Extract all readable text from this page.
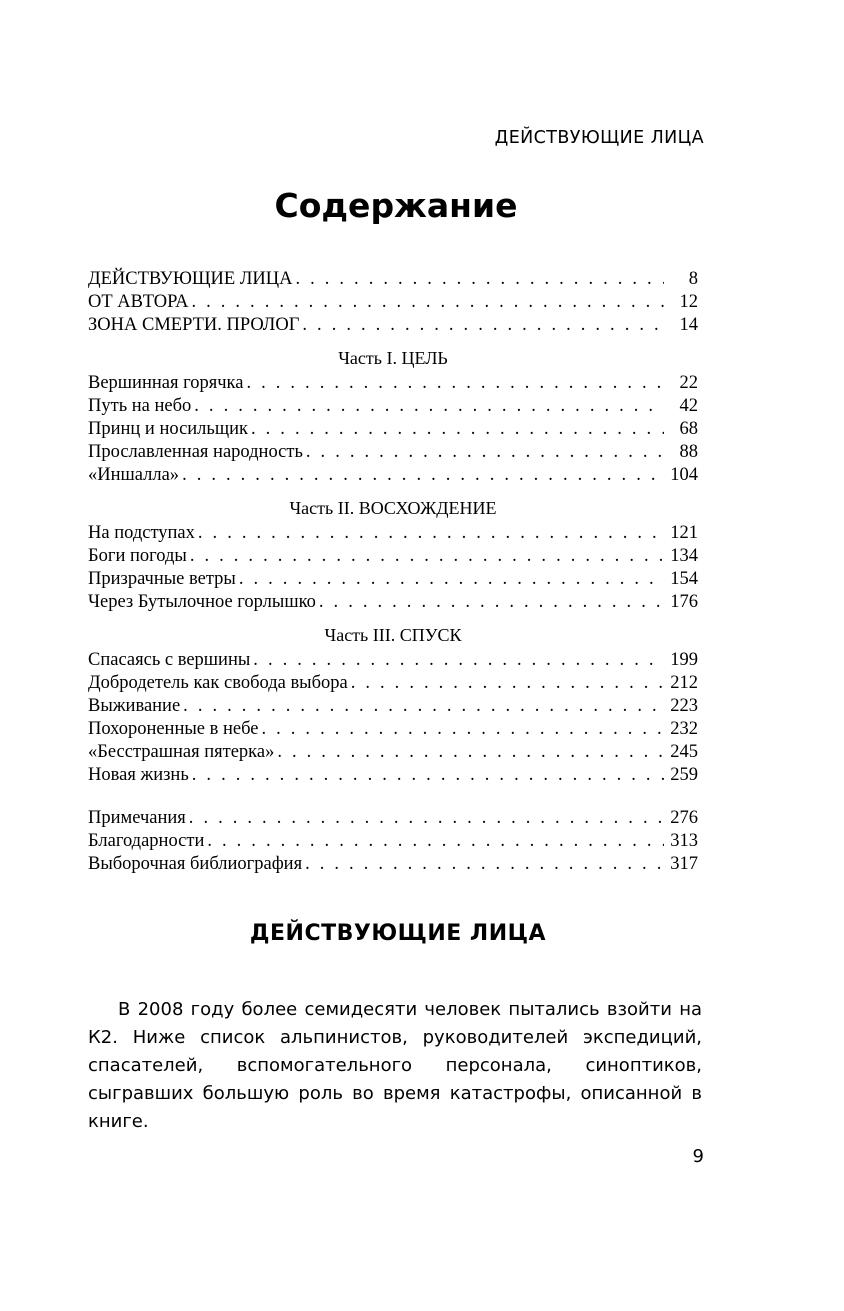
ДЕЙСТВУЮЩИЕ ЛИЦА
Содержание
ДЕЙСТВУЮЩИЕ ЛИЦА . . .	8
ОТ АВТОРА . . .	12
ЗОНА СМЕРТИ. ПРОЛОГ . . .	14
Часть I. ЦЕЛЬ
Вершинная горячка . . .	22
Путь на небо . . .	42
Принц и носильщик . . .	68
Прославленная народность . . .	88
«Иншалла» . . .	104
Часть II. ВОСХОЖДЕНИЕ
На подступах . . .	121
Боги погоды . . .	134
Призрачные ветры . . .	154
Через Бутылочное горлышко . . .	176
Часть III. СПУСК
Спасаясь с вершины . . .	199
Добродетель как свобода выбора . . .	212
Выживание . . .	223
Похороненные в небе . . .	232
«Бесстрашная пятерка» . . .	245
Новая жизнь . . .	259
Примечания . . .	276
Благодарности . . .	313
Выборочная библиография . . .	317
ДЕЙСТВУЮЩИЕ ЛИЦА
В 2008 году более семидесяти человек пытались взойти на К2. Ниже список альпинистов, руководителей экспедиций, спасателей, вспомогательного персонала, синоптиков, сыгравших большую роль во время катастрофы, описанной в книге.
9
